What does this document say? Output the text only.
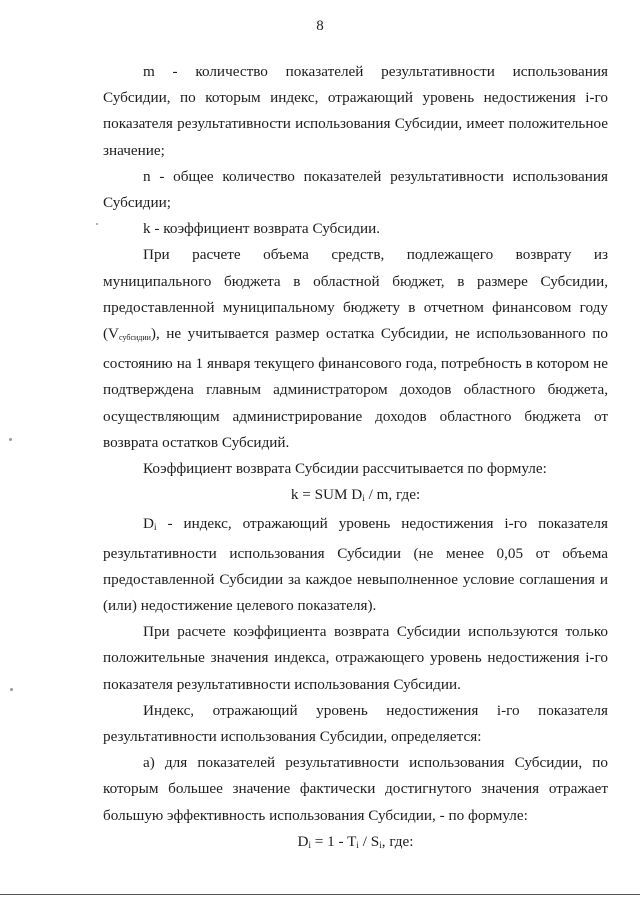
8

m - количество показателей результативности использования Субсидии, по которым индекс, отражающий уровень недостижения i-го показателя результативности использования Субсидии, имеет положительное значение;

n - общее количество показателей результативности использования Субсидии;

k - коэффициент возврата Субсидии.

При расчете объема средств, подлежащего возврату из муниципального бюджета в областной бюджет, в размере Субсидии, предоставленной муниципальному бюджету в отчетном финансовом году (Vсубсидии), не учитывается размер остатка Субсидии, не использованного по состоянию на 1 января текущего финансового года, потребность в котором не подтверждена главным администратором доходов областного бюджета, осуществляющим администрирование доходов областного бюджета от возврата остатков Субсидий.

Коэффициент возврата Субсидии рассчитывается по формуле:

k = SUM $D_i$ / m, где:

$D_i$ - индекс, отражающий уровень недостижения i-го показателя результативности использования Субсидии (не менее 0,05 от объема предоставленной Субсидии за каждое невыполненное условие соглашения и (или) недостижение целевого показателя).

При расчете коэффициента возврата Субсидии используются только положительные значения индекса, отражающего уровень недостижения i-го показателя результативности использования Субсидии.

Индекс, отражающий уровень недостижения i-го показателя результативности использования Субсидии, определяется:

а) для показателей результативности использования Субсидии, по которым большее значение фактически достигнутого значения отражает большую эффективность использования Субсидии, - по формуле:

$D_i = 1 - T_i / S_i$, где:
